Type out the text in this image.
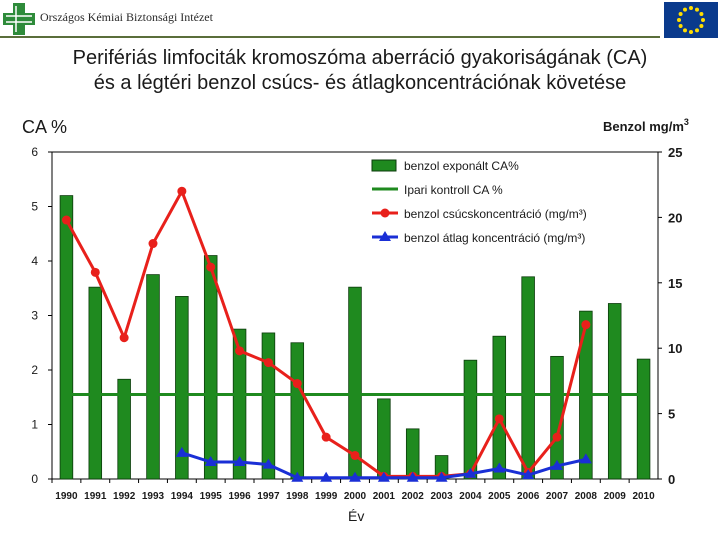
Országos Kémiai Biztonsági Intézet
Perifériás limfociták kromoszóma aberráció gyakoriságának (CA)
és a légtéri benzol csúcs- és átlagkoncentrációnak követése
0
1
2
3
4
5
6
0
5
10
15
20
25
1990 1991 1992 1993 1994 1995 1996 1997 1998 1999 2000 2001 2002 2003 2004 2005 2006 2007 2008 2009 2010
benzol exponált CA%
Ipari kontroll CA %
benzol csúcskoncentráció (mg/m³)
benzol átlag koncentráció (mg/m³)
CA %	Benzol $mg/m^3$
Év
